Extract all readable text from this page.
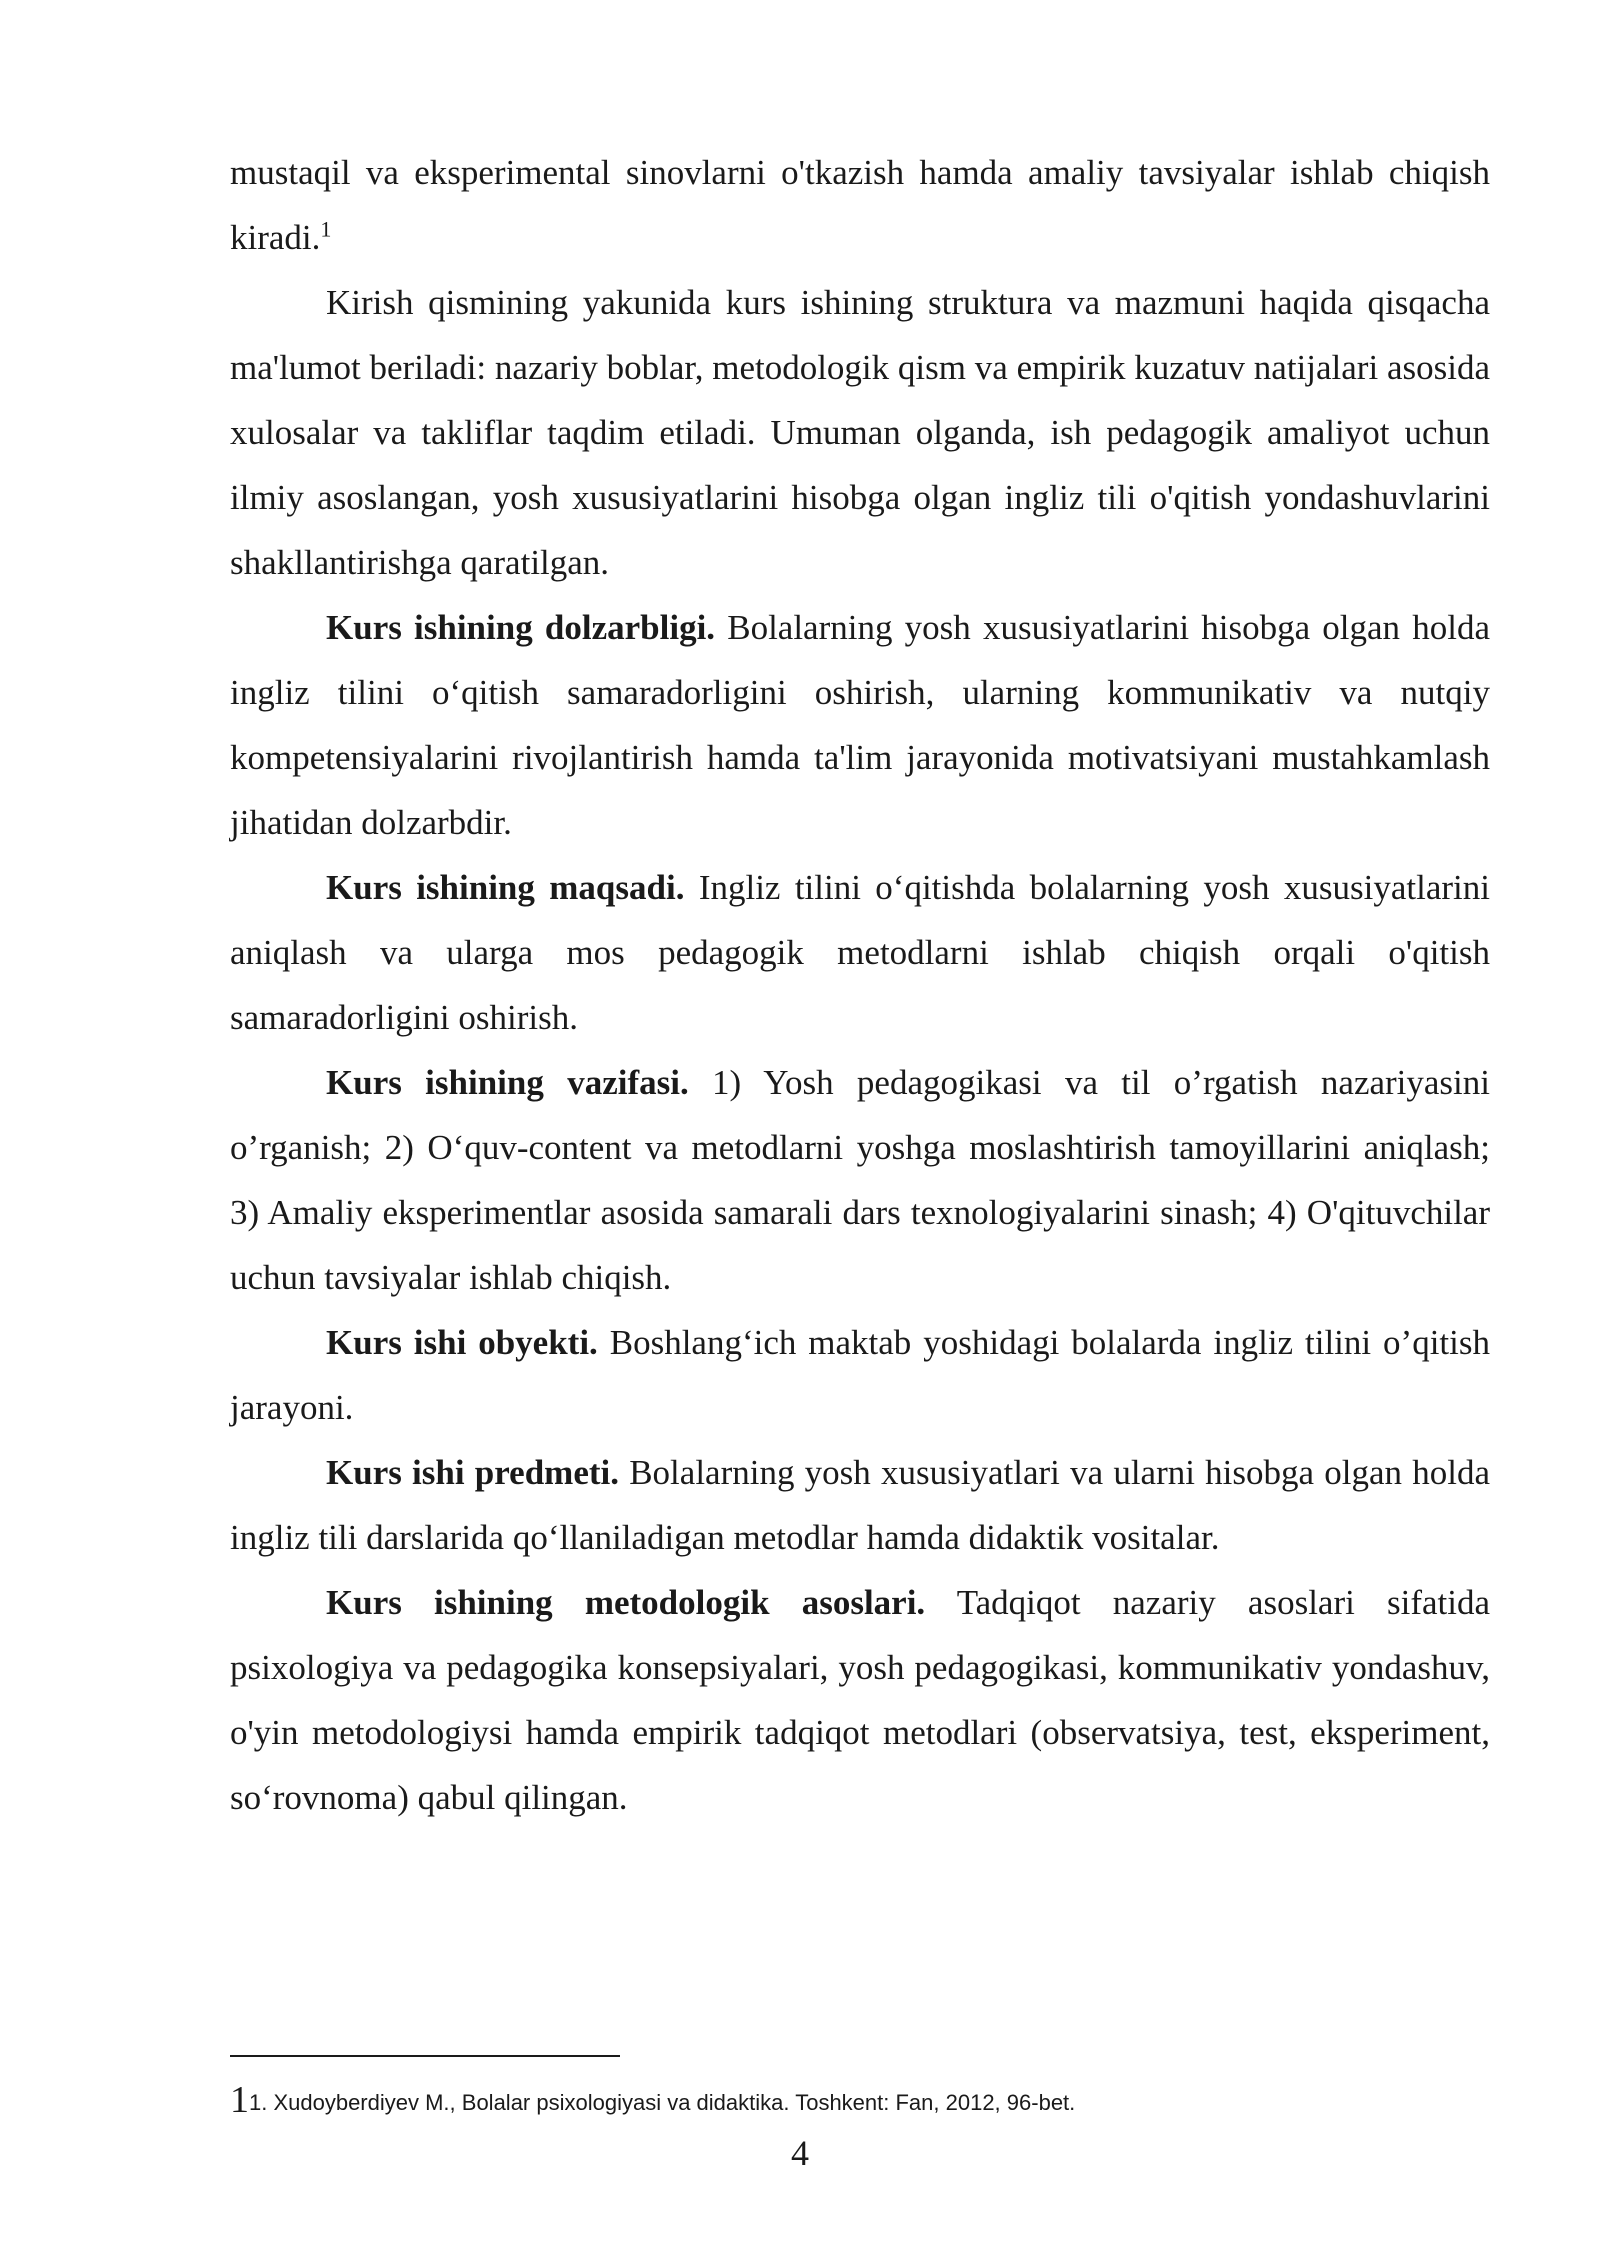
mustaqil va eksperimental sinovlarni o'tkazish hamda amaliy tavsiyalar ishlab chiqish kiradi.$^1$

Kirish qismining yakunida kurs ishining struktura va mazmuni haqida qisqacha ma'lumot beriladi: nazariy boblar, metodologik qism va empirik kuzatuv natijalari asosida xulosalar va takliflar taqdim etiladi. Umuman olganda, ish pedagogik amaliyot uchun ilmiy asoslangan, yosh xususiyatlarini hisobga olgan ingliz tili o'qitish yondashuvlarini shakllantirishga qaratilgan.

Kurs ishining dolzarbligi. Bolalarning yosh xususiyatlarini hisobga olgan holda ingliz tilini o‘qitish samaradorligini oshirish, ularning kommunikativ va nutqiy kompetensiyalarini rivojlantirish hamda ta'lim jarayonida motivatsiyani mustahkamlash jihatidan dolzarbdir.

Kurs ishining maqsadi. Ingliz tilini o‘qitishda bolalarning yosh xususiyatlarini aniqlash va ularga mos pedagogik metodlarni ishlab chiqish orqali o'qitish samaradorligini oshirish.

Kurs ishining vazifasi. 1) Yosh pedagogikasi va til o’rgatish nazariyasini o’rganish; 2) O‘quv-content va metodlarni yoshga moslashtirish tamoyillarini aniqlash; 3) Amaliy eksperimentlar asosida samarali dars texnologiyalarini sinash; 4) O'qituvchilar uchun tavsiyalar ishlab chiqish.

Kurs ishi obyekti. Boshlang‘ich maktab yoshidagi bolalarda ingliz tilini o’qitish jarayoni.

Kurs ishi predmeti. Bolalarning yosh xususiyatlari va ularni hisobga olgan holda ingliz tili darslarida qo‘llaniladigan metodlar hamda didaktik vositalar.

Kurs ishining metodologik asoslari. Tadqiqot nazariy asoslari sifatida psixologiya va pedagogika konsepsiyalari, yosh pedagogikasi, kommunikativ yondashuv, o'yin metodologiysi hamda empirik tadqiqot metodlari (observatsiya, test, eksperiment, so‘rovnoma) qabul qilingan.

11. Xudoyberdiyev M., Bolalar psixologiyasi va didaktika. Toshkent: Fan, 2012, 96-bet.
4
